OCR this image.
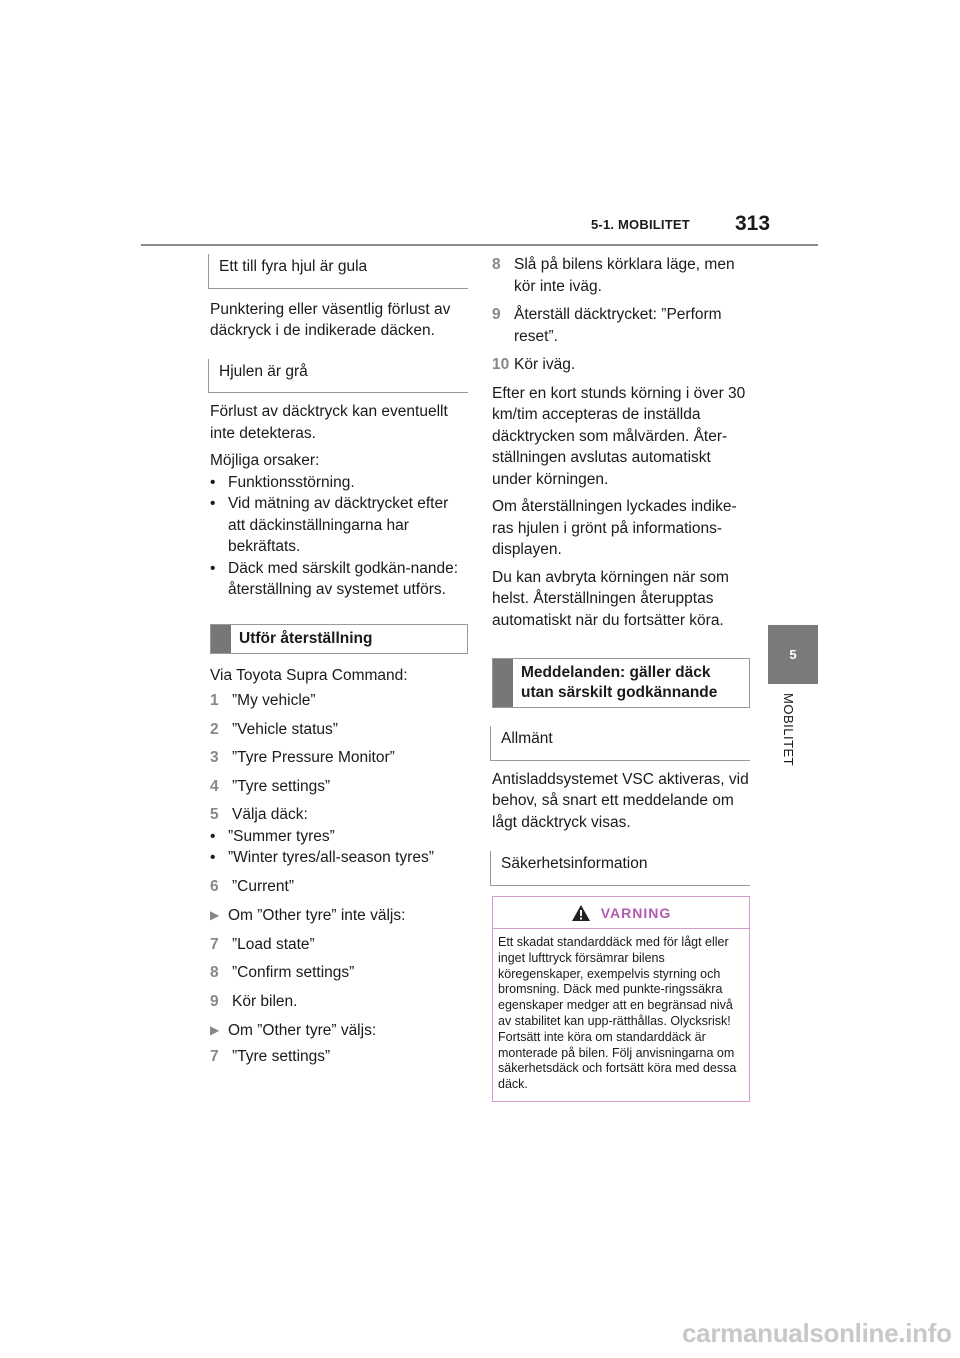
5-1. MOBILITET 313
5
MOBILITET
Ett till fyra hjul är gula

Punktering eller väsentlig förlust av däckryck i de indikerade däcken.

Hjulen är grå

Förlust av däcktryck kan eventuellt inte detekteras.

Möjliga orsaker:

• Funktionsstörning.
• Vid mätning av däcktrycket efter att däckinställningarna har bekräftats.
• Däck med särskilt godkän-nande: återställning av systemet utförs.
Utför återställning

Via Toyota Supra Command:

1 ”My vehicle”
2 ”Vehicle status”
3 ”Tyre Pressure Monitor”
4 ”Tyre settings”
5 Välja däck:
• ”Summer tyres”
• ”Winter tyres/all-season tyres”
6 ”Current”
▶ Om ”Other tyre” inte väljs:
7 ”Load state”
8 ”Confirm settings”
9 Kör bilen.
▶ Om ”Other tyre” väljs:
7 ”Tyre settings”
8 Slå på bilens körklara läge, men kör inte iväg.
9 Återställ däcktrycket: ”Perform reset”.
10 Kör iväg.

Efter en kort stunds körning i över 30 km/tim accepteras de inställda däcktrycken som målvärden. Åter-ställningen avslutas automatiskt under körningen.

Om återställningen lyckades indike-ras hjulen i grönt på informations-displayen.

Du kan avbryta körningen när som helst. Återställningen återupptas automatiskt när du fortsätter köra.

Meddelanden: gäller däck utan särskilt godkännande
Allmänt

Antisladdsystemet VSC aktiveras, vid behov, så snart ett meddelande om lågt däcktryck visas.

Säkerhetsinformation
VARNING
Ett skadat standarddäck med för lågt eller inget lufttryck försämrar bilens köregenskaper, exempelvis styrning och bromsning. Däck med punkte-ringssäkra egenskaper medger att en begränsad nivå av stabilitet kan upp-rätthållas. Olycksrisk! Fortsätt inte köra om standarddäck är monterade på bilen. Följ anvisningarna om säkerhetsdäck och fortsätt köra med dessa däck.
carmanualsonline.info
